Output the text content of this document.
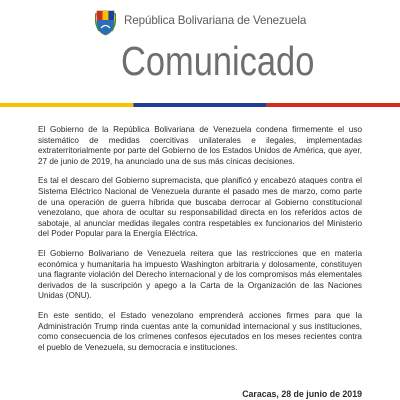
República Bolivariana de Venezuela
Comunicado

El Gobierno de la República Bolivariana de Venezuela condena firmemente el uso sistemático de medidas coercitivas unilaterales e ilegales, implementadas extraterritorialmente por parte del Gobierno de los Estados Unidos de América, que ayer, 27 de junio de 2019, ha anunciado una de sus más cínicas decisiones.

Es tal el descaro del Gobierno supremacista, que planificó y encabezó ataques contra el Sistema Eléctrico Nacional de Venezuela durante el pasado mes de marzo, como parte de una operación de guerra híbrida que buscaba derrocar al Gobierno constitucional venezolano, que ahora de ocultar su responsabilidad directa en los referidos actos de sabotaje, al anunciar medidas ilegales contra respetables ex funcionarios del Ministerio del Poder Popular para la Energía Eléctrica.

El Gobierno Bolivariano de Venezuela reitera que las restricciones que en materia económica y humanitaria ha impuesto Washington arbitraria y dolosamente, constituyen una flagrante violación del Derecho internacional y de los compromisos más elementales derivados de la suscripción y apego a la Carta de la Organización de las Naciones Unidas (ONU).

En este sentido, el Estado venezolano emprenderá acciones firmes para que la Administración Trump rinda cuentas ante la comunidad internacional y sus instituciones, como consecuencia de los crímenes confesos ejecutados en los meses recientes contra el pueblo de Venezuela, su democracia e instituciones.

Caracas, 28 de junio de 2019
